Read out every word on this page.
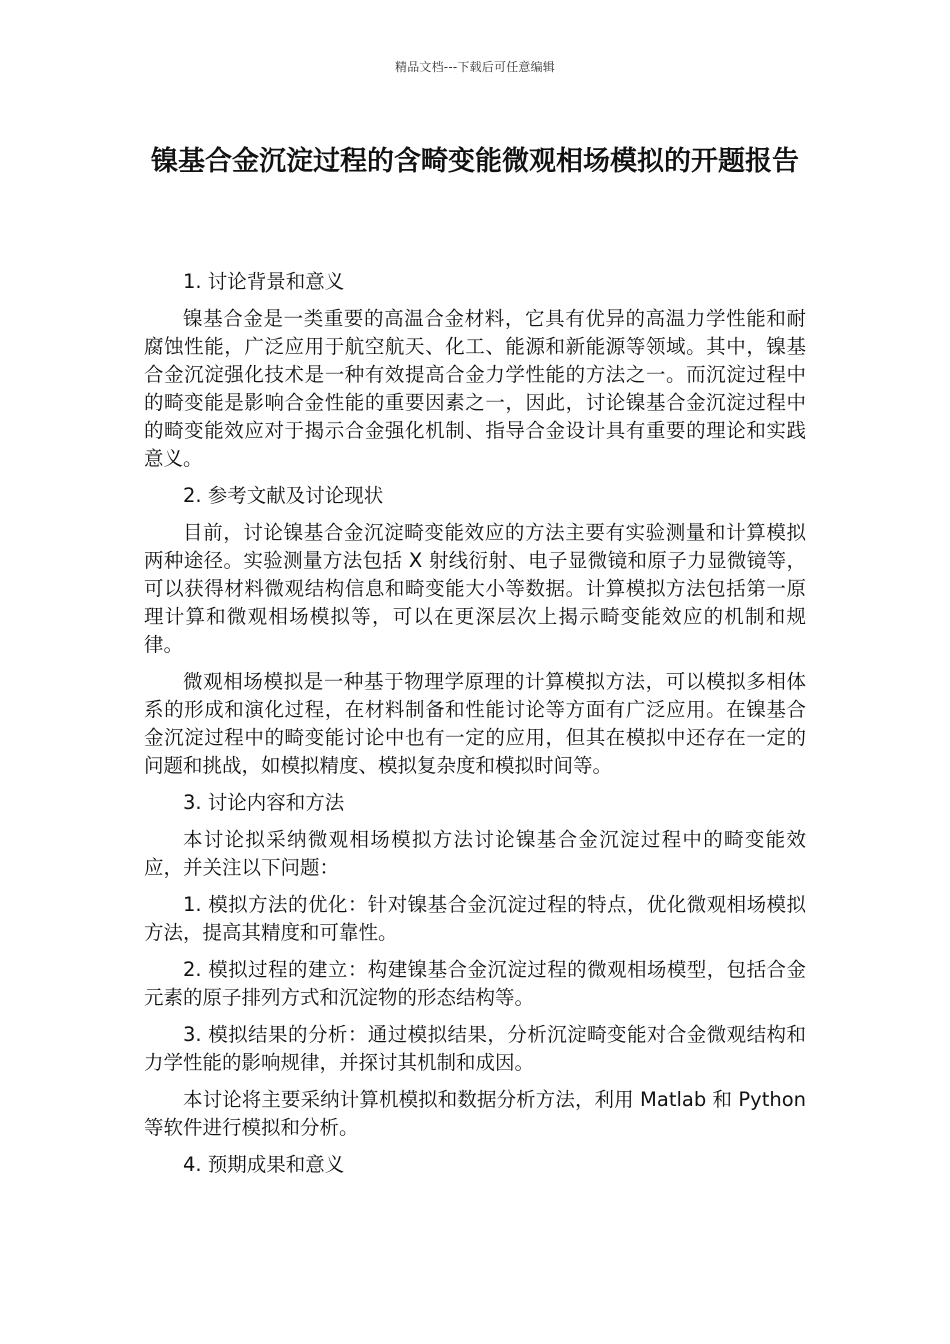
精品文档---下载后可任意编辑
镍基合金沉淀过程的含畸变能微观相场模拟的开题报告
1. 讨论背景和意义

镍基合金是一类重要的高温合金材料，它具有优异的高温力学性能和耐腐蚀性能，广泛应用于航空航天、化工、能源和新能源等领域。其中，镍基合金沉淀强化技术是一种有效提高合金力学性能的方法之一。而沉淀过程中的畸变能是影响合金性能的重要因素之一，因此，讨论镍基合金沉淀过程中的畸变能效应对于揭示合金强化机制、指导合金设计具有重要的理论和实践意义。

2. 参考文献及讨论现状

目前，讨论镍基合金沉淀畸变能效应的方法主要有实验测量和计算模拟两种途径。实验测量方法包括 X 射线衍射、电子显微镜和原子力显微镜等，可以获得材料微观结构信息和畸变能大小等数据。计算模拟方法包括第一原理计算和微观相场模拟等，可以在更深层次上揭示畸变能效应的机制和规律。

微观相场模拟是一种基于物理学原理的计算模拟方法，可以模拟多相体系的形成和演化过程，在材料制备和性能讨论等方面有广泛应用。在镍基合金沉淀过程中的畸变能讨论中也有一定的应用，但其在模拟中还存在一定的问题和挑战，如模拟精度、模拟复杂度和模拟时间等。

3. 讨论内容和方法

本讨论拟采纳微观相场模拟方法讨论镍基合金沉淀过程中的畸变能效应，并关注以下问题：

1. 模拟方法的优化：针对镍基合金沉淀过程的特点，优化微观相场模拟方法，提高其精度和可靠性。

2. 模拟过程的建立：构建镍基合金沉淀过程的微观相场模型，包括合金元素的原子排列方式和沉淀物的形态结构等。

3. 模拟结果的分析：通过模拟结果，分析沉淀畸变能对合金微观结构和力学性能的影响规律，并探讨其机制和成因。

本讨论将主要采纳计算机模拟和数据分析方法，利用 Matlab 和 Python 等软件进行模拟和分析。

4. 预期成果和意义
